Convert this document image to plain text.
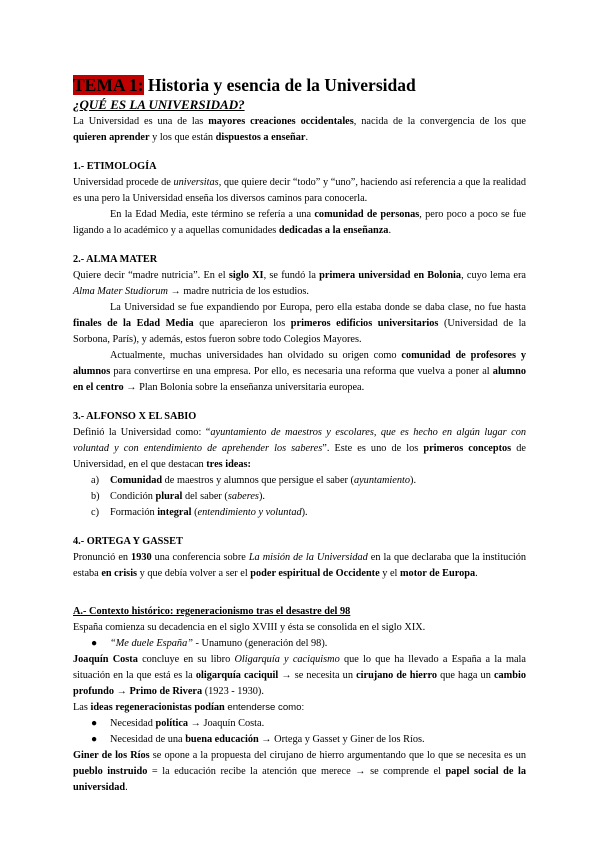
TEMA 1: Historia y esencia de la Universidad
¿QUÉ ES LA UNIVERSIDAD?

La Universidad es una de las mayores creaciones occidentales, nacida de la convergencia de los que quieren aprender y los que están dispuestos a enseñar.

1.- ETIMOLOGÍA

Universidad procede de universitas, que quiere decir “todo” y “uno”, haciendo así referencia a que la realidad es una pero la Universidad enseña los diversos caminos para conocerla.

En la Edad Media, este término se refería a una comunidad de personas, pero poco a poco se fue ligando a lo académico y a aquellas comunidades dedicadas a la enseñanza.

2.- ALMA MATER

Quiere decir “madre nutricia”. En el siglo XI, se fundó la primera universidad en Bolonia, cuyo lema era Alma Mater Studiorum → madre nutricia de los estudios.

La Universidad se fue expandiendo por Europa, pero ella estaba donde se daba clase, no fue hasta finales de la Edad Media que aparecieron los primeros edificios universitarios (Universidad de la Sorbona, París), y además, estos fueron sobre todo Colegios Mayores.

Actualmente, muchas universidades han olvidado su origen como comunidad de profesores y alumnos para convertirse en una empresa. Por ello, es necesaria una reforma que vuelva a poner al alumno en el centro → Plan Bolonia sobre la enseñanza universitaria europea.

3.- ALFONSO X EL SABIO

Definió la Universidad como: “ayuntamiento de maestros y escolares, que es hecho en algún lugar con voluntad y con entendimiento de aprehender los saberes”. Este es uno de los primeros conceptos de Universidad, en el que destacan tres ideas:

a) Comunidad de maestros y alumnos que persigue el saber (ayuntamiento).
b) Condición plural del saber (saberes).
c) Formación integral (entendimiento y voluntad).
4.- ORTEGA Y GASSET

Pronunció en 1930 una conferencia sobre La misión de la Universidad en la que declaraba que la institución estaba en crisis y que debía volver a ser el poder espiritual de Occidente y el motor de Europa.

A.- Contexto histórico: regeneracionismo tras el desastre del 98

España comienza su decadencia en el siglo XVIII y ésta se consolida en el siglo XIX.

● “Me duele España” - Unamuno (generación del 98).

Joaquín Costa concluye en su libro Oligarquía y caciquismo que lo que ha llevado a España a la mala situación en la que está es la oligarquía caciquil → se necesita un cirujano de hierro que haga un cambio profundo → Primo de Rivera (1923 - 1930).

Las ideas regeneracionistas podían entenderse como:

● Necesidad política → Joaquín Costa.
● Necesidad de una buena educación → Ortega y Gasset y Giner de los Ríos.

Giner de los Ríos se opone a la propuesta del cirujano de hierro argumentando que lo que se necesita es un pueblo instruido = la educación recibe la atención que merece → se comprende el papel social de la universidad.
